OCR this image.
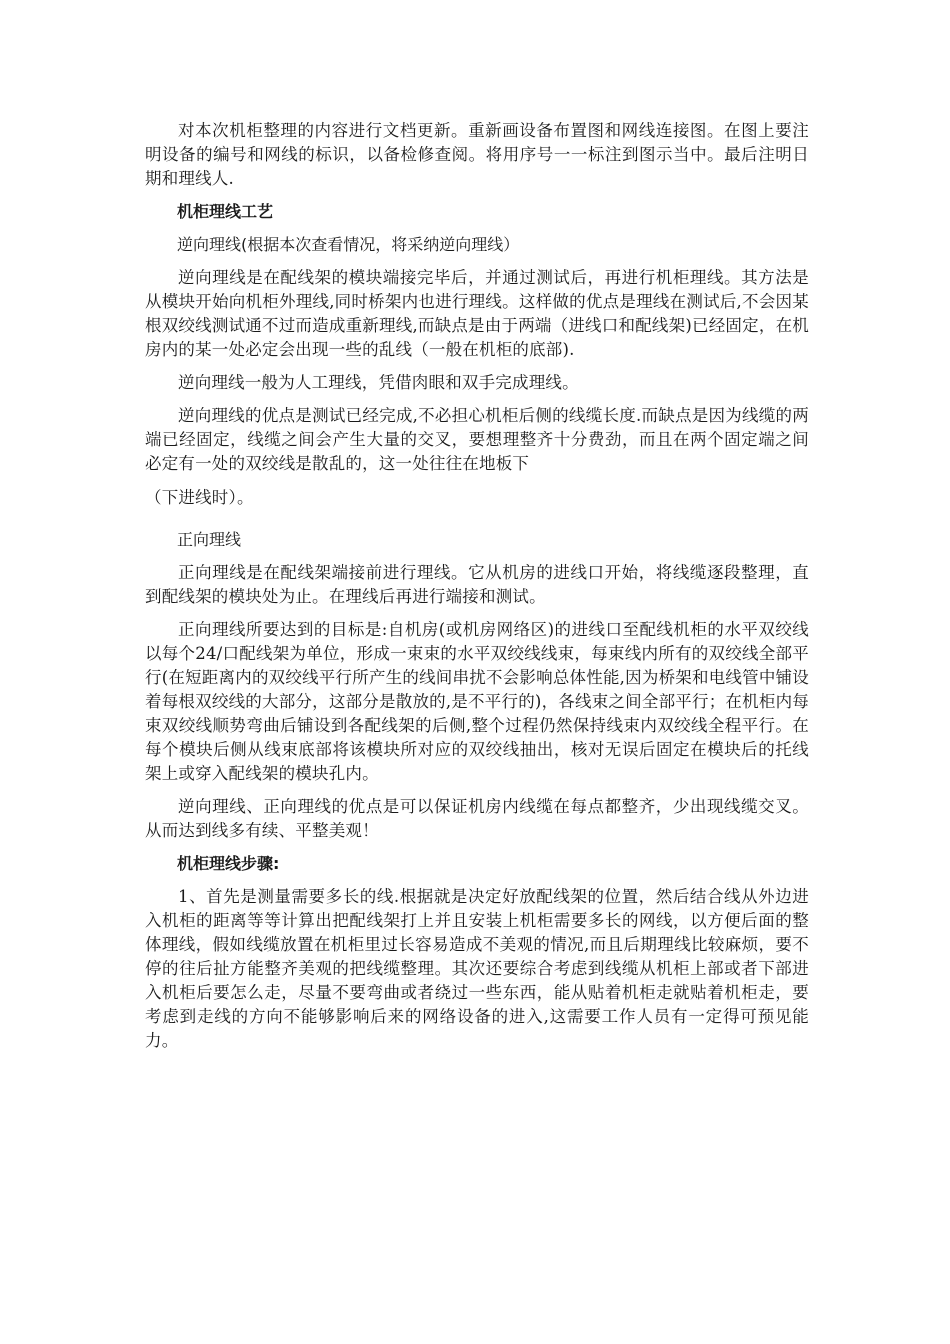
对本次机柜整理的内容进行文档更新。重新画设备布置图和网线连接图。在图上要注明设备的编号和网线的标识，以备检修查阅。将用序号一一标注到图示当中。最后注明日期和理线人.

机柜理线工艺

逆向理线(根据本次查看情况，将采纳逆向理线）

逆向理线是在配线架的模块端接完毕后，并通过测试后，再进行机柜理线。其方法是从模块开始向机柜外理线,同时桥架内也进行理线。这样做的优点是理线在测试后,不会因某根双绞线测试通不过而造成重新理线,而缺点是由于两端（进线口和配线架)已经固定，在机房内的某一处必定会出现一些的乱线（一般在机柜的底部).

逆向理线一般为人工理线，凭借肉眼和双手完成理线。

逆向理线的优点是测试已经完成,不必担心机柜后侧的线缆长度.而缺点是因为线缆的两端已经固定，线缆之间会产生大量的交叉，要想理整齐十分费劲，而且在两个固定端之间必定有一处的双绞线是散乱的，这一处往往在地板下

（下进线时）。

正向理线

正向理线是在配线架端接前进行理线。它从机房的进线口开始，将线缆逐段整理，直到配线架的模块处为止。在理线后再进行端接和测试。

正向理线所要达到的目标是:自机房(或机房网络区)的进线口至配线机柜的水平双绞线以每个24/口配线架为单位，形成一束束的水平双绞线线束，每束线内所有的双绞线全部平行(在短距离内的双绞线平行所产生的线间串扰不会影响总体性能,因为桥架和电线管中铺设着每根双绞线的大部分，这部分是散放的,是不平行的)，各线束之间全部平行；在机柜内每束双绞线顺势弯曲后铺设到各配线架的后侧,整个过程仍然保持线束内双绞线全程平行。在每个模块后侧从线束底部将该模块所对应的双绞线抽出，核对无误后固定在模块后的托线架上或穿入配线架的模块孔内。

逆向理线、正向理线的优点是可以保证机房内线缆在每点都整齐，少出现线缆交叉。从而达到线多有续、平整美观！

机柜理线步骤:

1、首先是测量需要多长的线.根据就是决定好放配线架的位置，然后结合线从外边进入机柜的距离等等计算出把配线架打上并且安装上机柜需要多长的网线，以方便后面的整体理线，假如线缆放置在机柜里过长容易造成不美观的情况,而且后期理线比较麻烦，要不停的往后扯方能整齐美观的把线缆整理。其次还要综合考虑到线缆从机柜上部或者下部进入机柜后要怎么走，尽量不要弯曲或者绕过一些东西，能从贴着机柜走就贴着机柜走，要考虑到走线的方向不能够影响后来的网络设备的进入,这需要工作人员有一定得可预见能力。
